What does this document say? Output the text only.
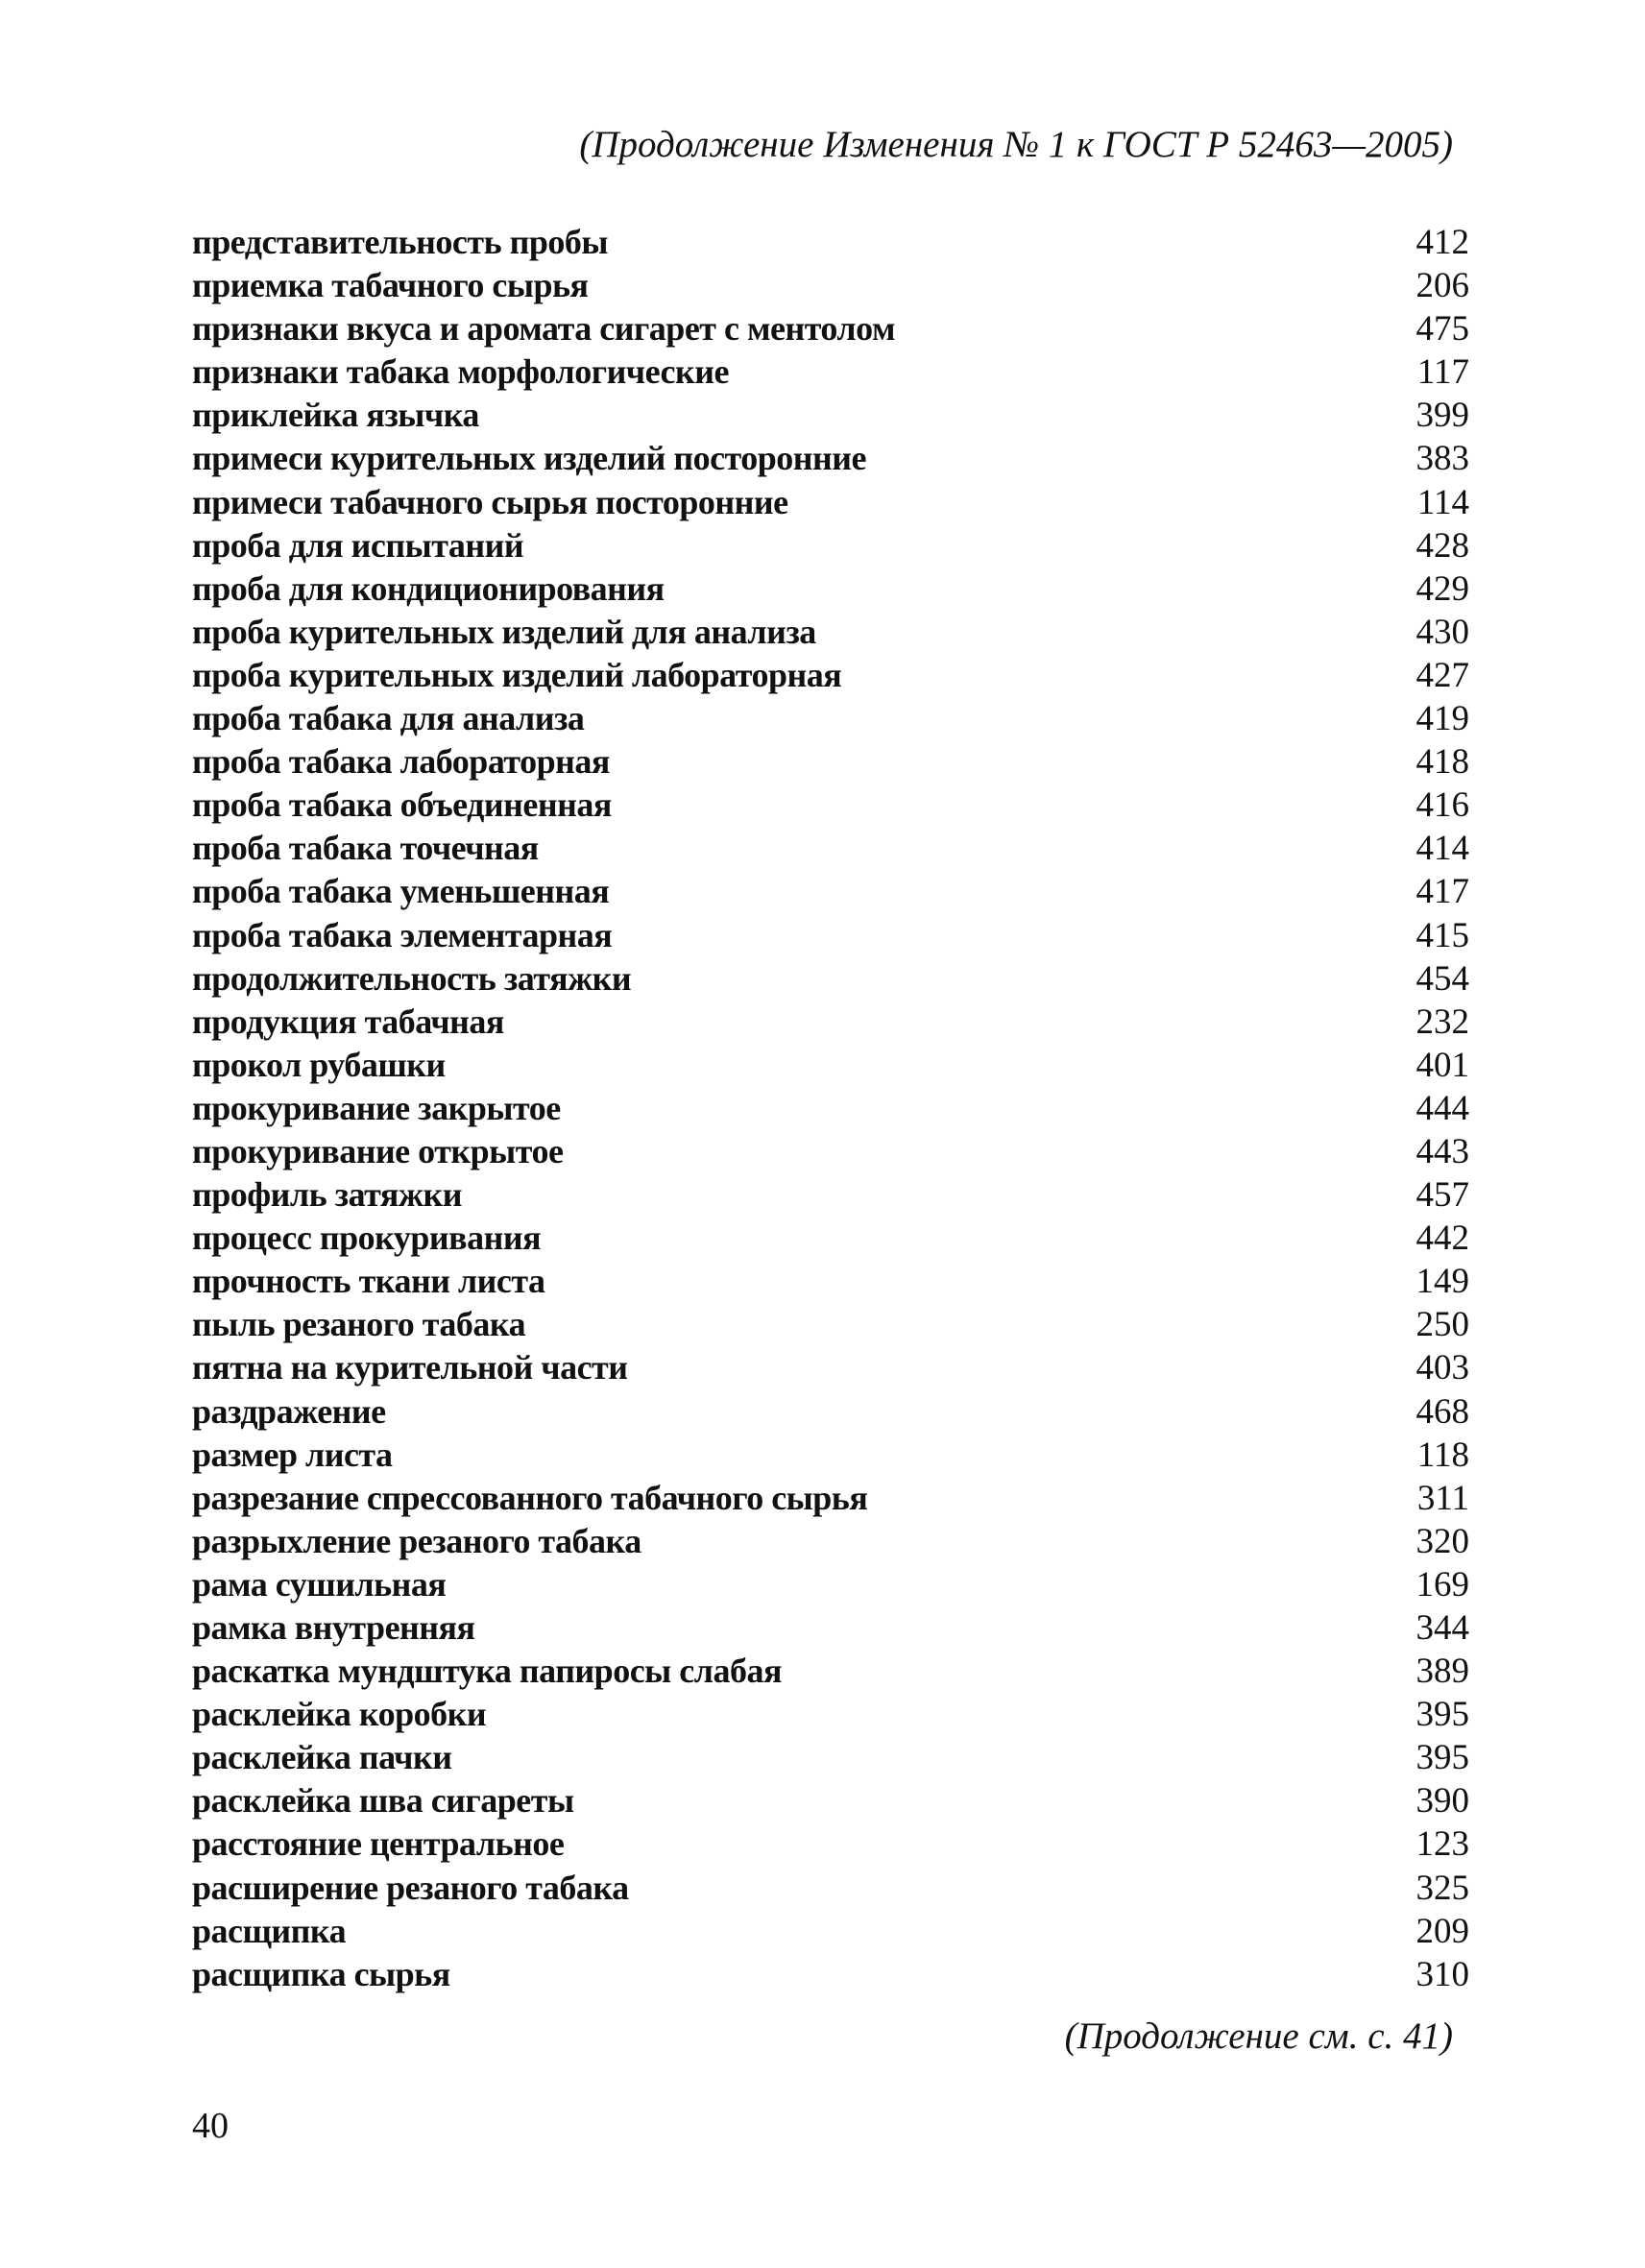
(Продолжение Изменения № 1 к ГОСТ Р 52463—2005)
представительность пробы	412
приемка табачного сырья	206
признаки вкуса и аромата сигарет с ментолом	475
признаки табака морфологические	117
приклейка язычка	399
примеси курительных изделий посторонние	383
примеси табачного сырья посторонние	114
проба для испытаний	428
проба для кондиционирования	429
проба курительных изделий для анализа	430
проба курительных изделий лабораторная	427
проба табака для анализа	419
проба табака лабораторная	418
проба табака объединенная	416
проба табака точечная	414
проба табака уменьшенная	417
проба табака элементарная	415
продолжительность затяжки	454
продукция табачная	232
прокол рубашки	401
прокуривание закрытое	444
прокуривание открытое	443
профиль затяжки	457
процесс прокуривания	442
прочность ткани листа	149
пыль резаного табака	250
пятна на курительной части	403
раздражение	468
размер листа	118
разрезание спрессованного табачного сырья	311
разрыхление резаного табака	320
рама сушильная	169
рамка внутренняя	344
раскатка мундштука папиросы слабая	389
расклейка коробки	395
расклейка пачки	395
расклейка шва сигареты	390
расстояние центральное	123
расширение резаного табака	325
расщипка	209
расщипка сырья	310
(Продолжение см. с. 41)
40
